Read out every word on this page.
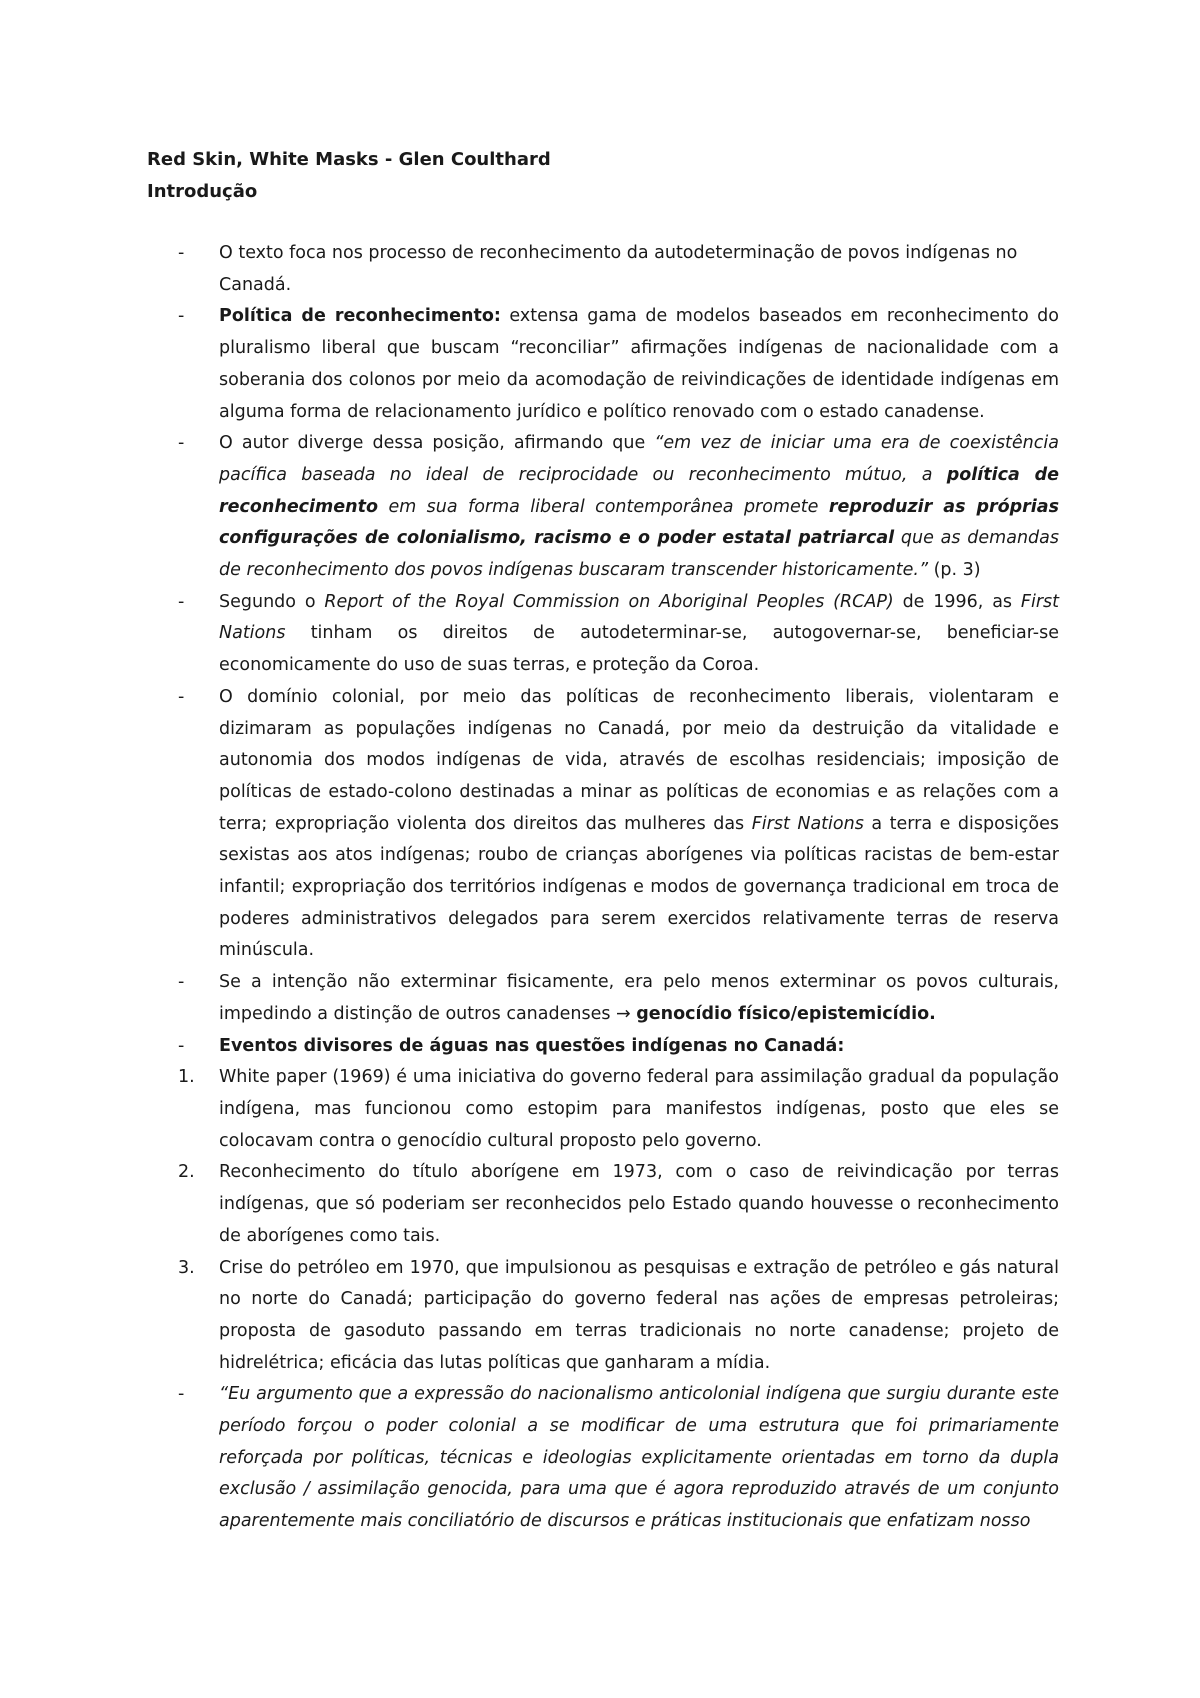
Red Skin, White Masks - Glen Coulthard

Introdução

- O texto foca nos processo de reconhecimento da autodeterminação de povos indígenas no Canadá.
- Política de reconhecimento: extensa gama de modelos baseados em reconhecimento do pluralismo liberal que buscam “reconciliar” afirmações indígenas de nacionalidade com a soberania dos colonos por meio da acomodação de reivindicações de identidade indígenas em alguma forma de relacionamento jurídico e político renovado com o estado canadense.
- O autor diverge dessa posição, afirmando que “em vez de iniciar uma era de coexistência pacífica baseada no ideal de reciprocidade ou reconhecimento mútuo, a política de reconhecimento em sua forma liberal contemporânea promete reproduzir as próprias configurações de colonialismo, racismo e o poder estatal patriarcal que as demandas de reconhecimento dos povos indígenas buscaram transcender historicamente.” (p. 3)
- Segundo o Report of the Royal Commission on Aboriginal Peoples (RCAP) de 1996, as First Nations tinham os direitos de autodeterminar-se, autogovernar-se, beneficiar-se economicamente do uso de suas terras, e proteção da Coroa.
- O domínio colonial, por meio das políticas de reconhecimento liberais, violentaram e dizimaram as populações indígenas no Canadá, por meio da destruição da vitalidade e autonomia dos modos indígenas de vida, através de escolhas residenciais; imposição de políticas de estado-colono destinadas a minar as políticas de economias e as relações com a terra; expropriação violenta dos direitos das mulheres das First Nations a terra e disposições sexistas aos atos indígenas; roubo de crianças aborígenes via políticas racistas de bem-estar infantil; expropriação dos territórios indígenas e modos de governança tradicional em troca de poderes administrativos delegados para serem exercidos relativamente terras de reserva minúscula.
- Se a intenção não exterminar fisicamente, era pelo menos exterminar os povos culturais, impedindo a distinção de outros canadenses → genocídio físico/epistemicídio.
- Eventos divisores de águas nas questões indígenas no Canadá:
1. White paper (1969) é uma iniciativa do governo federal para assimilação gradual da população indígena, mas funcionou como estopim para manifestos indígenas, posto que eles se colocavam contra o genocídio cultural proposto pelo governo.
2. Reconhecimento do título aborígene em 1973, com o caso de reivindicação por terras indígenas, que só poderiam ser reconhecidos pelo Estado quando houvesse o reconhecimento de aborígenes como tais.
3. Crise do petróleo em 1970, que impulsionou as pesquisas e extração de petróleo e gás natural no norte do Canadá; participação do governo federal nas ações de empresas petroleiras; proposta de gasoduto passando em terras tradicionais no norte canadense; projeto de hidrelétrica; eficácia das lutas políticas que ganharam a mídia.
- “Eu argumento que a expressão do nacionalismo anticolonial indígena que surgiu durante este período forçou o poder colonial a se modificar de uma estrutura que foi primariamente reforçada por políticas, técnicas e ideologias explicitamente orientadas em torno da dupla exclusão / assimilação genocida, para uma que é agora reproduzido através de um conjunto aparentemente mais conciliatório de discursos e práticas institucionais que enfatizam nosso
